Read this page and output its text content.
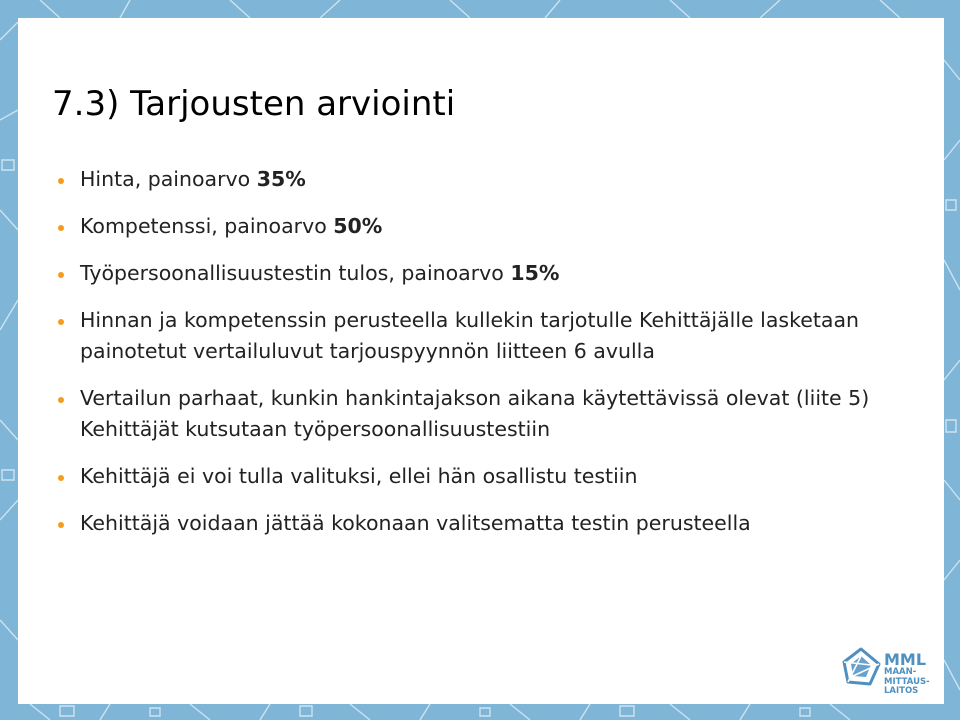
7.3) Tarjousten arviointi
Hinta, painoarvo 35%
Kompetenssi, painoarvo 50%
Työpersoonallisuustestin tulos, painoarvo 15%
Hinnan ja kompetenssin perusteella kullekin tarjotulle Kehittäjälle lasketaan painotetut vertailuluvut tarjouspyynnön liitteen 6 avulla
Vertailun parhaat, kunkin hankintajakson aikana käytettävissä olevat (liite 5) Kehittäjät kutsutaan työpersoonallisuustestiin
Kehittäjä ei voi tulla valituksi, ellei hän osallistu testiin
Kehittäjä voidaan jättää kokonaan valitsematta testin perusteella
MML
MAAN-
MITTAUS-
LAITOS
